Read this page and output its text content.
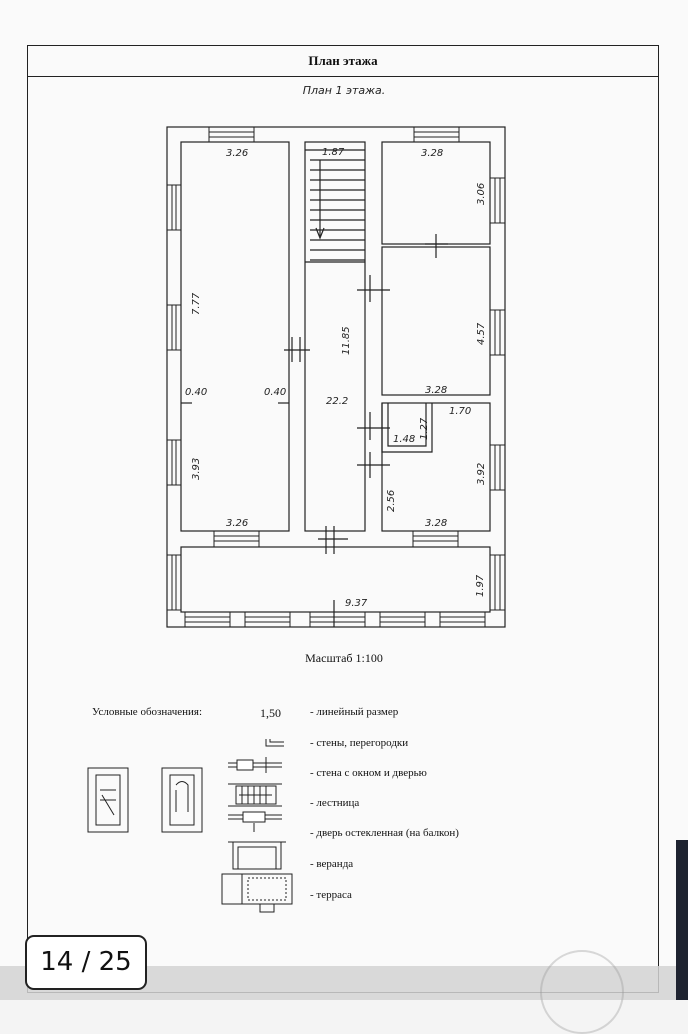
План этажа
План 1 этажа.
3.26
7.77
0.40	0.40
3.93
3.26
1.87
11.85
22.2
2.56
3.28
3.06
4.57
3.28
1.48 1.27
1.70
3.92
3.28
9.37
1.97
Масштаб 1:100
Условные обозначения:	1,50	- линейный размер
- стены, перегородки
- стена с окном и дверью
- лестница
- дверь остекленная (на балкон)
- веранда
- терраса
14 / 25
